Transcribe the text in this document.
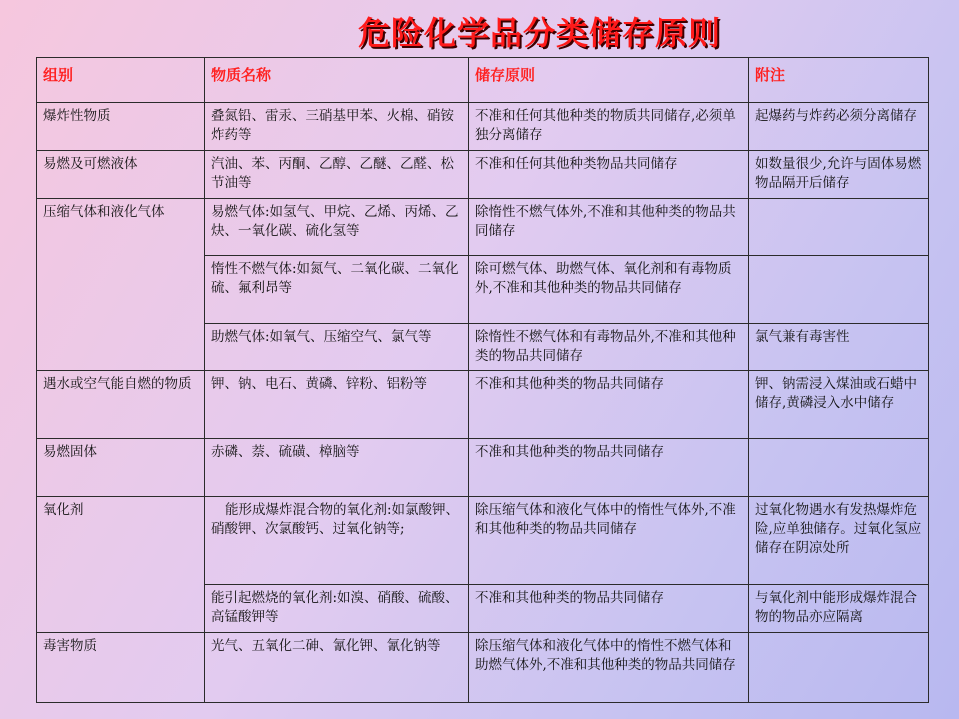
危险化学品分类储存原则
组别	物质名称	储存原则	附注
爆炸性物质	叠氮铅、雷汞、三硝基甲苯、火棉、硝铵炸药等	不准和任何其他种类的物质共同储存,必须单独分离储存	起爆药与炸药必须分离储存
易燃及可燃液体	汽油、苯、丙酮、乙醇、乙醚、乙醛、松节油等	不准和任何其他种类物品共同储存	如数量很少,允许与固体易燃物品隔开后储存
压缩气体和液化气体	易燃气体:如氢气、甲烷、乙烯、丙烯、乙炔、一氧化碳、硫化氢等	除惰性不燃气体外,不准和其他种类的物品共同储存	
	惰性不燃气体:如氮气、二氧化碳、二氧化硫、氟利昂等	除可燃气体、助燃气体、氧化剂和有毒物质外,不准和其他种类的物品共同储存	
	助燃气体:如氧气、压缩空气、氯气等	除惰性不燃气体和有毒物品外,不准和其他种类的物品共同储存	氯气兼有毒害性
遇水或空气能自燃的物质	钾、钠、电石、黄磷、锌粉、铝粉等	不准和其他种类的物品共同储存	钾、钠需浸入煤油或石蜡中储存,黄磷浸入水中储存
易燃固体	赤磷、萘、硫磺、樟脑等	不准和其他种类的物品共同储存	
氧化剂	能形成爆炸混合物的氧化剂:如氯酸钾、硝酸钾、次氯酸钙、过氧化钠等;	除压缩气体和液化气体中的惰性气体外,不准和其他种类的物品共同储存	过氧化物遇水有发热爆炸危险,应单独储存。过氧化氢应储存在阴凉处所
	能引起燃烧的氧化剂:如溴、硝酸、硫酸、高锰酸钾等	不准和其他种类的物品共同储存	与氧化剂中能形成爆炸混合物的物品亦应隔离
毒害物质	光气、五氧化二砷、氰化钾、氰化钠等	除压缩气体和液化气体中的惰性不燃气体和助燃气体外,不准和其他种类的物品共同储存	
